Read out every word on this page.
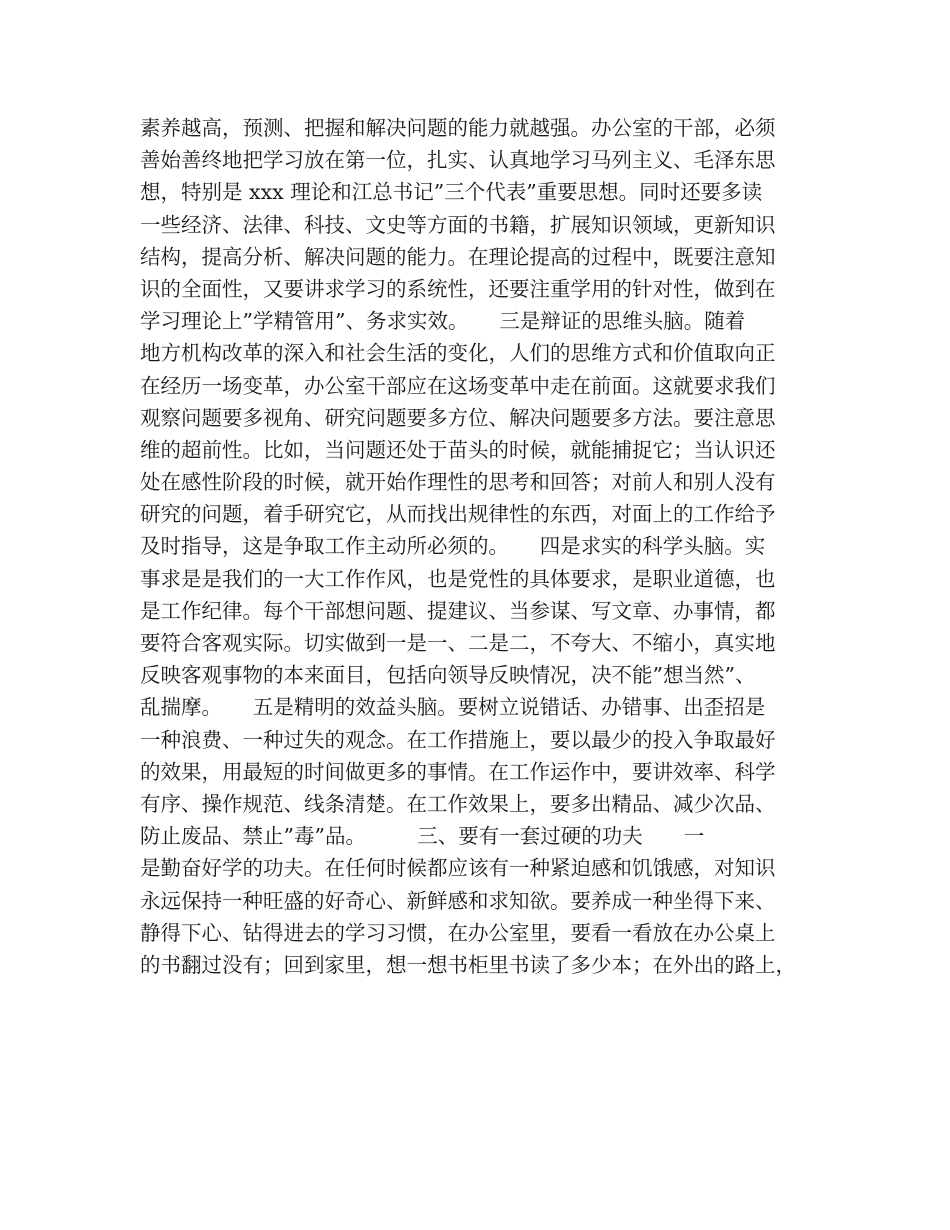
素养越高，预测、把握和解决问题的能力就越强。办公室的干部，必须
善始善终地把学习放在第一位，扎实、认真地学习马列主义、毛泽东思
想，特别是 xxx 理论和江总书记”三个代表”重要思想。同时还要多读
一些经济、法律、科技、文史等方面的书籍，扩展知识领域，更新知识
结构，提高分析、解决问题的能力。在理论提高的过程中，既要注意知
识的全面性，又要讲求学习的系统性，还要注重学用的针对性，做到在
学习理论上”学精管用”、务求实效。　　三是辩证的思维头脑。随着
地方机构改革的深入和社会生活的变化，人们的思维方式和价值取向正
在经历一场变革，办公室干部应在这场变革中走在前面。这就要求我们
观察问题要多视角、研究问题要多方位、解决问题要多方法。要注意思
维的超前性。比如，当问题还处于苗头的时候，就能捕捉它；当认识还
处在感性阶段的时候，就开始作理性的思考和回答；对前人和别人没有
研究的问题，着手研究它，从而找出规律性的东西，对面上的工作给予
及时指导，这是争取工作主动所必须的。　　四是求实的科学头脑。实
事求是是我们的一大工作作风，也是党性的具体要求，是职业道德，也
是工作纪律。每个干部想问题、提建议、当参谋、写文章、办事情，都
要符合客观实际。切实做到一是一、二是二，不夸大、不缩小，真实地
反映客观事物的本来面目，包括向领导反映情况，决不能”想当然”、
乱揣摩。　　五是精明的效益头脑。要树立说错话、办错事、出歪招是
一种浪费、一种过失的观念。在工作措施上，要以最少的投入争取最好
的效果，用最短的时间做更多的事情。在工作运作中，要讲效率、科学
有序、操作规范、线条清楚。在工作效果上，要多出精品、减少次品、
防止废品、禁止”毒”品。　　　三、要有一套过硬的功夫　　一
是勤奋好学的功夫。在任何时候都应该有一种紧迫感和饥饿感，对知识
永远保持一种旺盛的好奇心、新鲜感和求知欲。要养成一种坐得下来、
静得下心、钻得进去的学习习惯，在办公室里，要看一看放在办公桌上
的书翻过没有；回到家里，想一想书柜里书读了多少本；在外出的路上，
